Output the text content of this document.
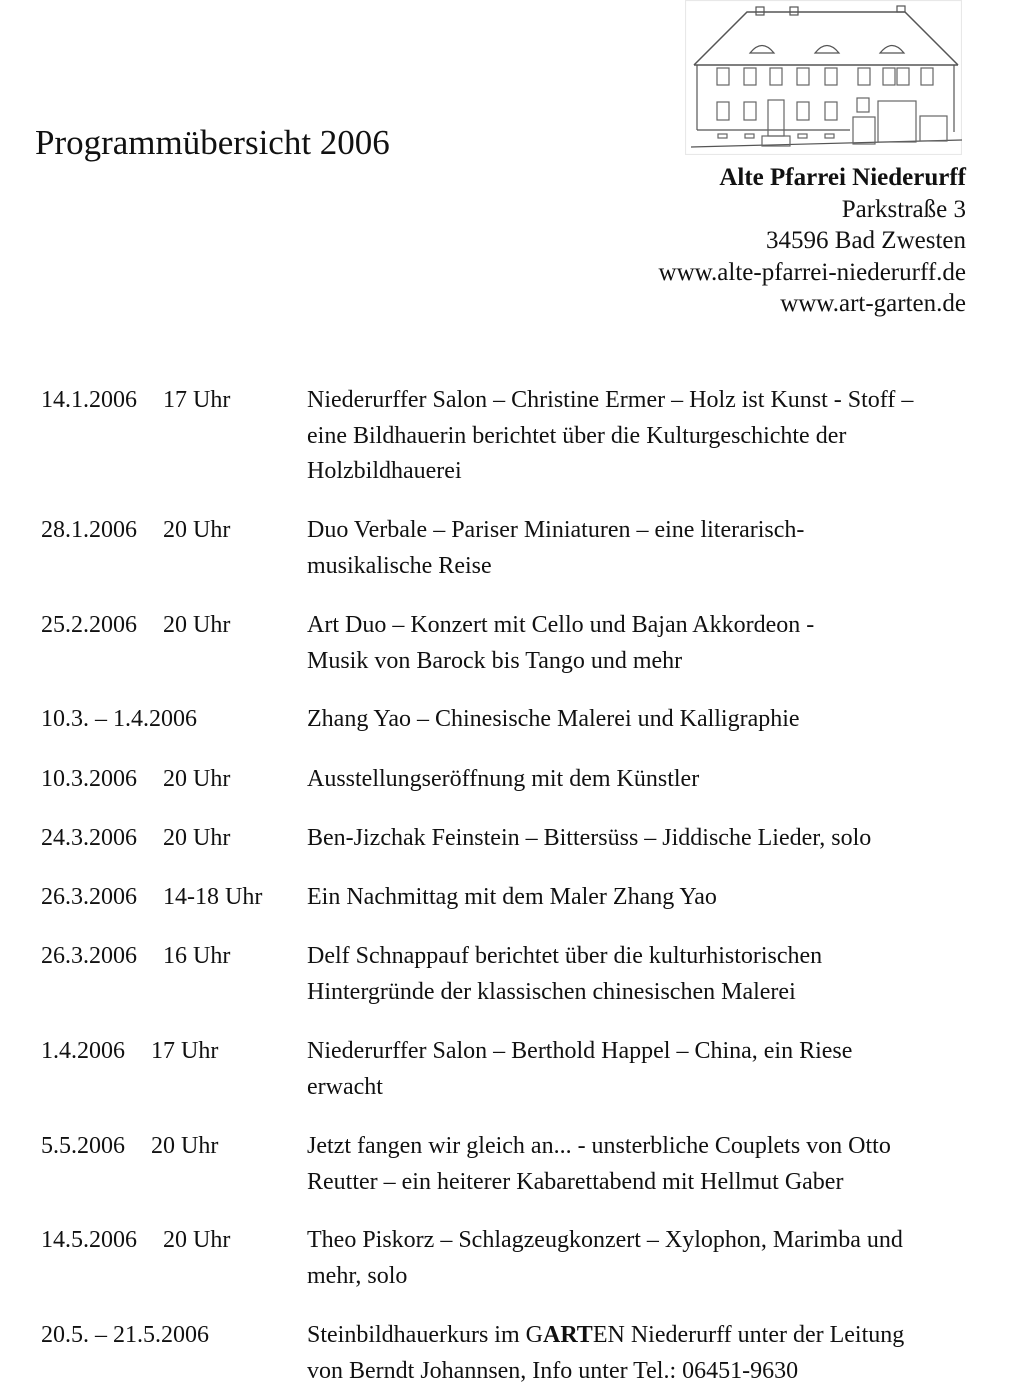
Programmübersicht 2006
Alte Pfarrei Niederurff
Parkstraße 3
34596 Bad Zwesten
www.alte-pfarrei-niederurff.de
www.art-garten.de
14.1.2006 17 Uhr	Niederurffer Salon – Christine Ermer – Holz ist Kunst - Stoff –
eine Bildhauerin berichtet über die Kulturgeschichte der
Holzbildhauerei
28.1.2006 20 Uhr	Duo Verbale – Pariser Miniaturen – eine literarisch-
musikalische Reise
25.2.2006 20 Uhr	Art Duo – Konzert mit Cello und Bajan Akkordeon -
Musik von Barock bis Tango und mehr
10.3. – 1.4.2006	Zhang Yao – Chinesische Malerei und Kalligraphie
10.3.2006 20 Uhr	Ausstellungseröffnung mit dem Künstler
24.3.2006 20 Uhr	Ben-Jizchak Feinstein – Bittersüss – Jiddische Lieder, solo
26.3.2006 14-18 Uhr Ein Nachmittag mit dem Maler Zhang Yao
26.3.2006 16 Uhr	Delf Schnappauf berichtet über die kulturhistorischen
Hintergründe der klassischen chinesischen Malerei
1.4.2006 17 Uhr	Niederurffer Salon – Berthold Happel – China, ein Riese
erwacht
5.5.2006 20 Uhr	Jetzt fangen wir gleich an... - unsterbliche Couplets von Otto
Reutter – ein heiterer Kabarettabend mit Hellmut Gaber
14.5.2006 20 Uhr	Theo Piskorz – Schlagzeugkonzert – Xylophon, Marimba und
mehr, solo
20.5. – 21.5.2006	Steinbildhauerkurs im GARTEN Niederurff unter der Leitung
von Berndt Johannsen, Info unter Tel.: 06451-9630
